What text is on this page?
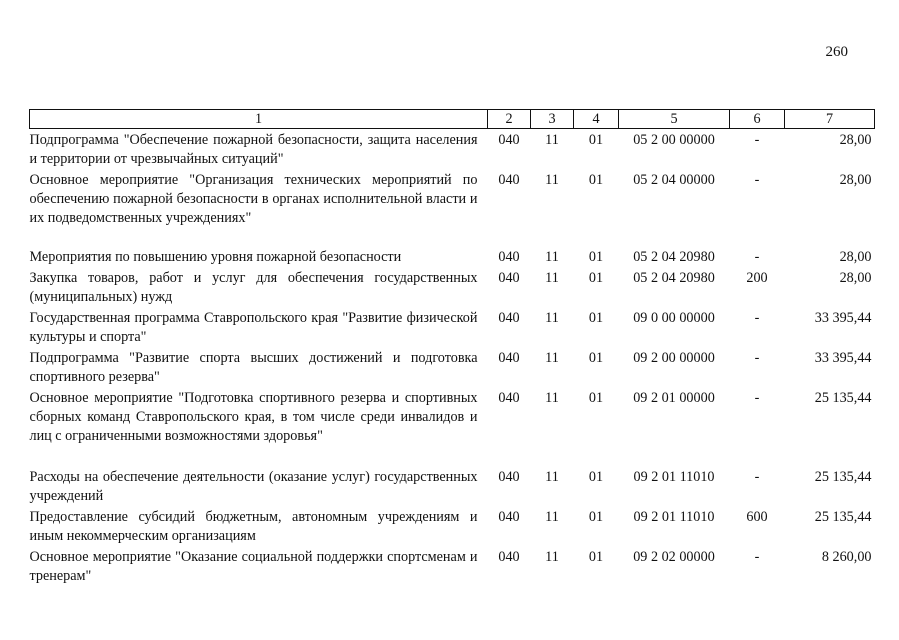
260
1	2	3	4	5	6	7
Подпрограмма "Обеспечение пожарной безопасности, защита населения и территории от чрезвычайных ситуаций"	040	11	01	05 2 00 00000	-	28,00
Основное мероприятие "Организация технических мероприятий по обеспечению пожарной безопасности в органах исполнительной власти и их подведомственных учреждениях"	040	11	01	05 2 04 00000	-	28,00
Мероприятия по повышению уровня пожарной безопасности	040	11	01	05 2 04 20980	-	28,00
Закупка товаров, работ и услуг для обеспечения государственных (муниципальных) нужд	040	11	01	05 2 04 20980	200	28,00
Государственная программа Ставропольского края "Развитие физической культуры и спорта"	040	11	01	09 0 00 00000	-	33 395,44
Подпрограмма "Развитие спорта высших достижений и подготовка спортивного резерва"	040	11	01	09 2 00 00000	-	33 395,44
Основное мероприятие "Подготовка спортивного резерва и спортивных сборных команд Ставропольского края, в том числе среди инвалидов и лиц с ограниченными возможностями здоровья"	040	11	01	09 2 01 00000	-	25 135,44
Расходы на обеспечение деятельности (оказание услуг) государственных учреждений	040	11	01	09 2 01 11010	-	25 135,44
Предоставление субсидий бюджетным, автономным учреждениям и иным некоммерческим организациям	040	11	01	09 2 01 11010	600	25 135,44
Основное мероприятие "Оказание социальной поддержки спортсменам и тренерам"	040	11	01	09 2 02 00000	-	8 260,00
